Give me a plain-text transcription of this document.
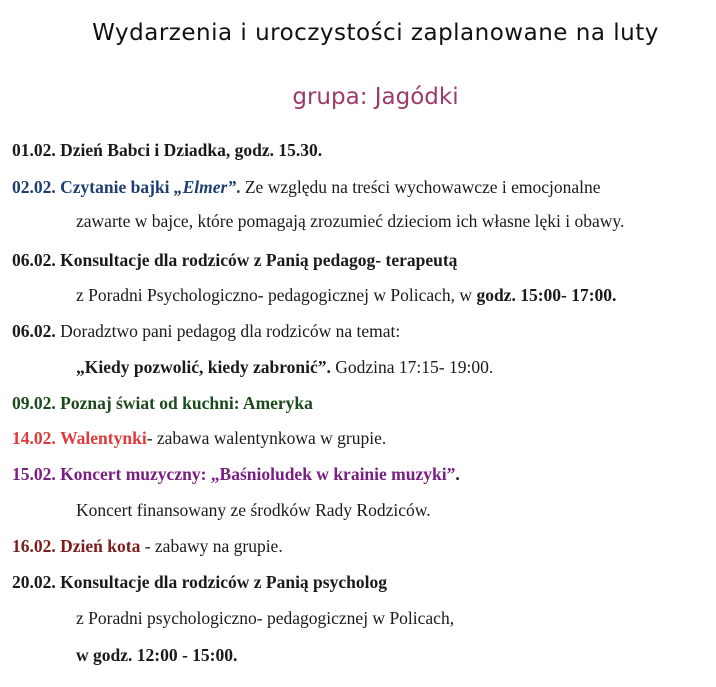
Wydarzenia i uroczystości zaplanowane na luty
grupa: Jagódki
01.02. Dzień Babci i Dziadka, godz. 15.30.
02.02. Czytanie bajki „Elmer”. Ze względu na treści wychowawcze i emocjonalne
zawarte w bajce, które pomagają zrozumieć dzieciom ich własne lęki i obawy.
06.02. Konsultacje dla rodziców z Panią pedagog- terapeutą
z Poradni Psychologiczno- pedagogicznej w Policach, w godz. 15:00- 17:00.
06.02. Doradztwo pani pedagog dla rodziców na temat:
„Kiedy pozwolić, kiedy zabronić”. Godzina 17:15- 19:00.
09.02. Poznaj świat od kuchni: Ameryka
14.02. Walentynki- zabawa walentynkowa w grupie.
15.02. Koncert muzyczny: „Baśnioludek w krainie muzyki”.
Koncert finansowany ze środków Rady Rodziców.
16.02. Dzień kota - zabawy na grupie.
20.02. Konsultacje dla rodziców z Panią psycholog
z Poradni psychologiczno- pedagogicznej w Policach,
w godz. 12:00 - 15:00.
